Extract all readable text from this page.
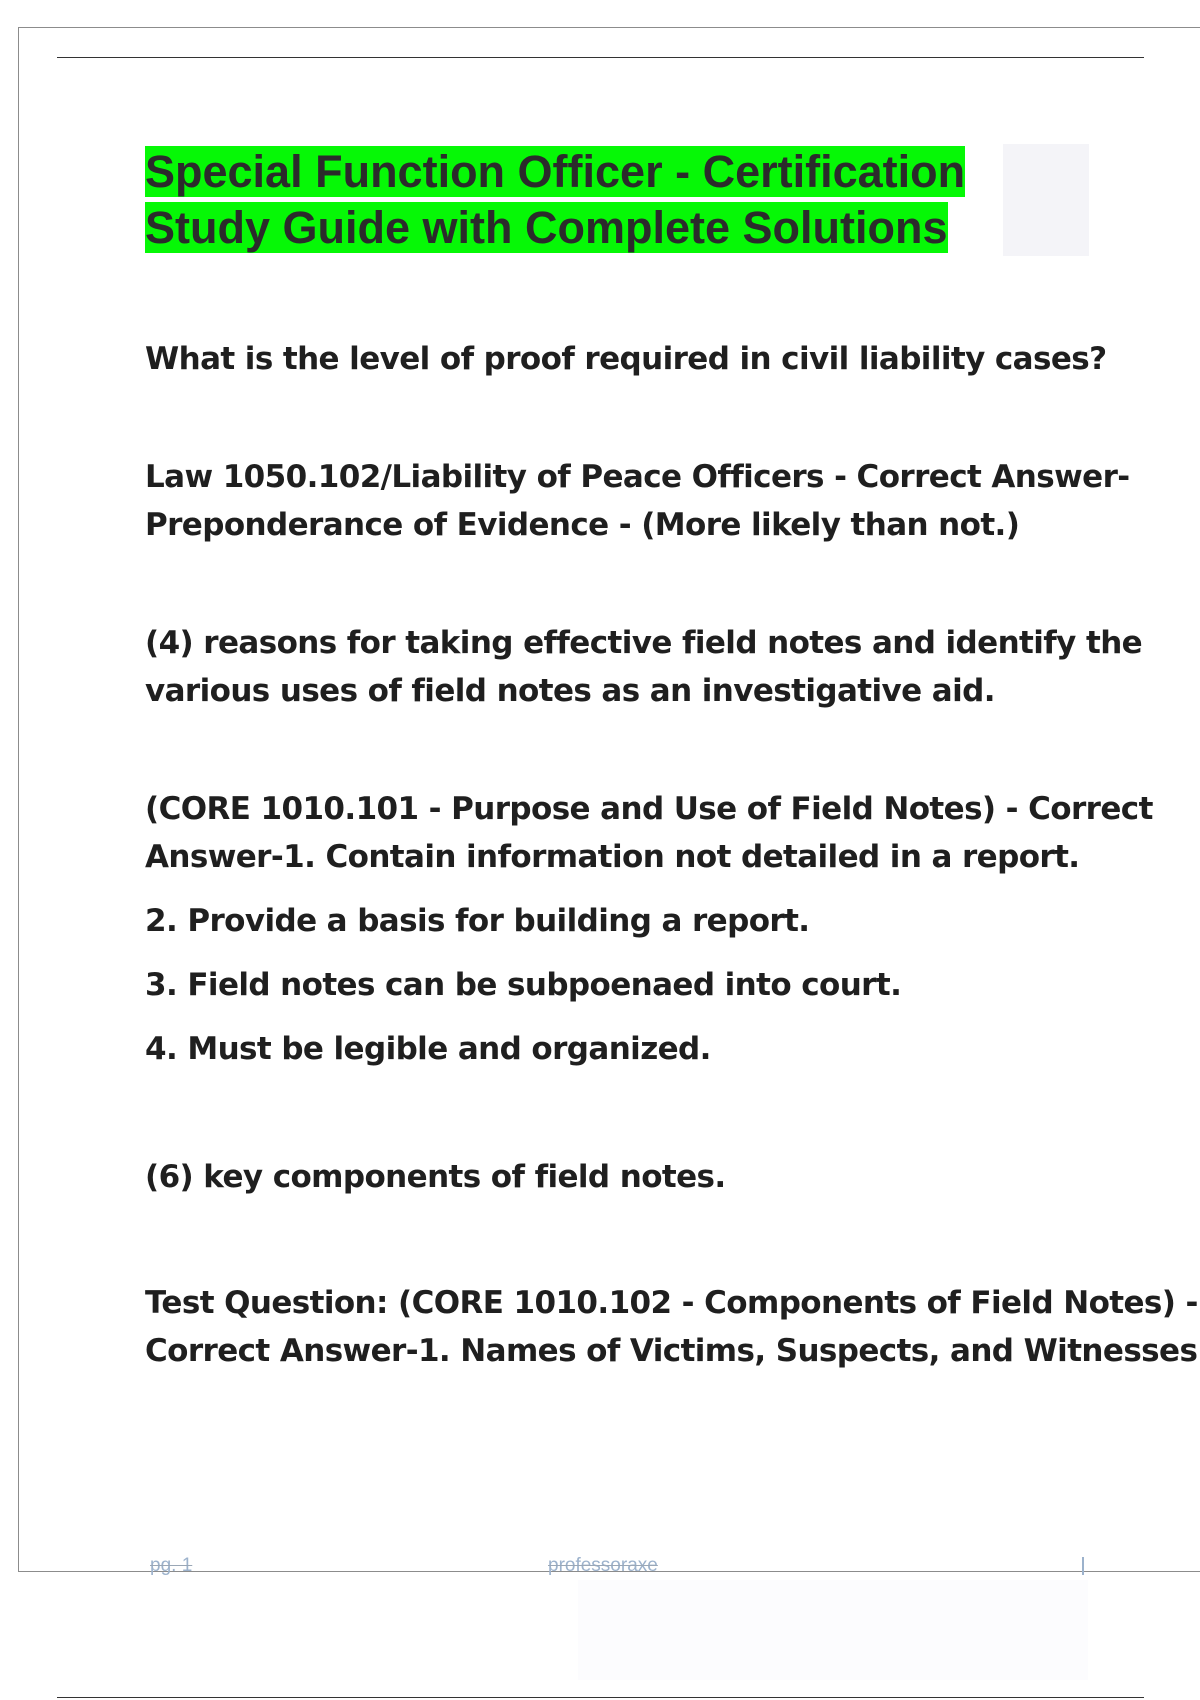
Special Function Officer - Certification
Study Guide with Complete Solutions

What is the level of proof required in civil liability cases?

Law 1050.102/Liability of Peace Officers - Correct Answer-
Preponderance of Evidence - (More likely than not.)

(4) reasons for taking effective field notes and identify the
various uses of field notes as an investigative aid.

(CORE 1010.101 - Purpose and Use of Field Notes) - Correct
Answer-1. Contain information not detailed in a report.

2. Provide a basis for building a report.

3. Field notes can be subpoenaed into court.

4. Must be legible and organized.

(6) key components of field notes.

Test Question: (CORE 1010.102 - Components of Field Notes) -
Correct Answer-1. Names of Victims, Suspects, and Witnesses

pg. 1	professoraxe
